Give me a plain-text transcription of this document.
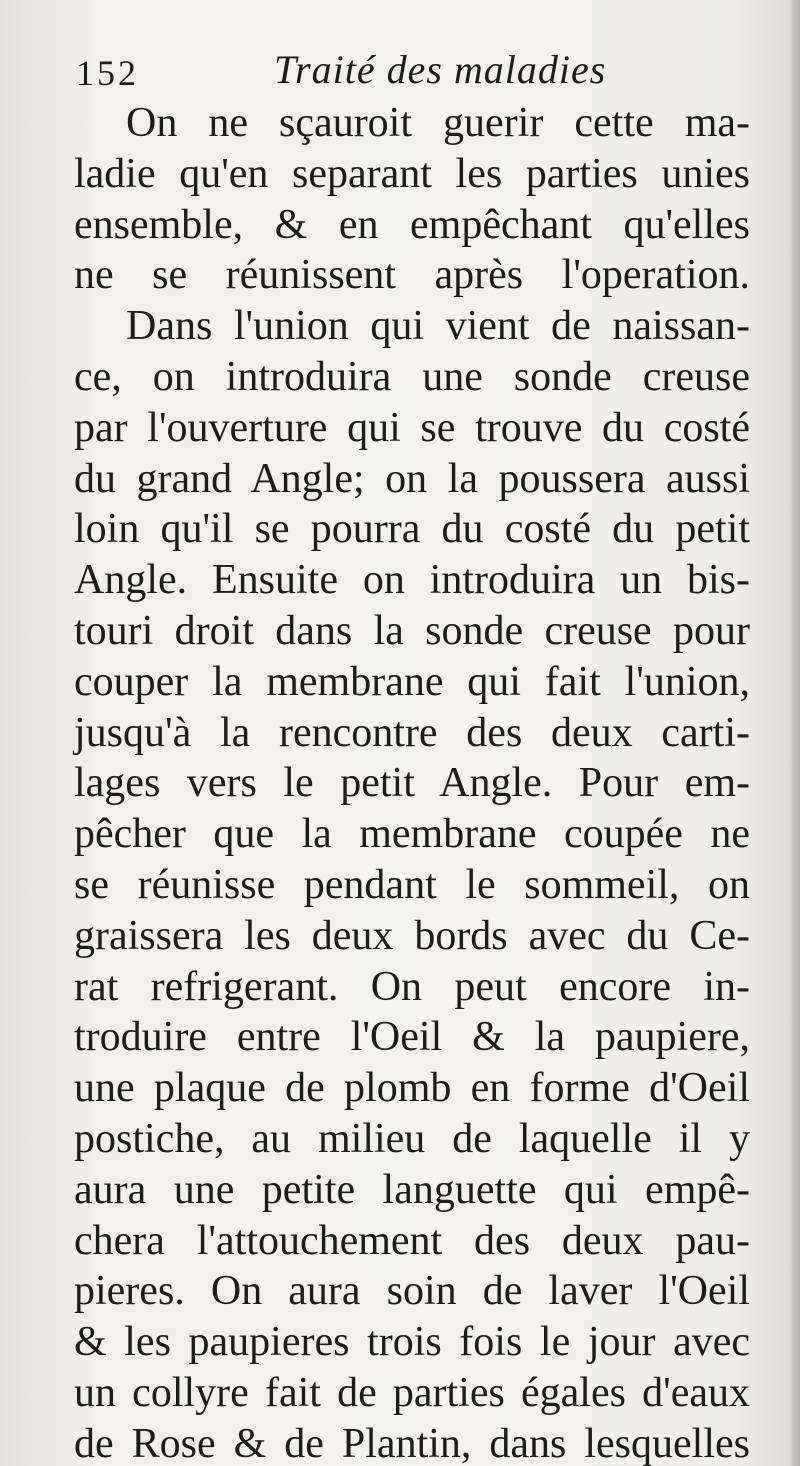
152	Traité des maladies
On ne sçauroit guerir cette ma-
ladie qu'en separant les parties unies
ensemble, & en empêchant qu'elles
ne se réunissent après l'operation.
Dans l'union qui vient de naissan-
ce, on introduira une sonde creuse
par l'ouverture qui se trouve du costé
du grand Angle; on la poussera aussi
loin qu'il se pourra du costé du petit
Angle. Ensuite on introduira un bis-
touri droit dans la sonde creuse pour
couper la membrane qui fait l'union,
jusqu'à la rencontre des deux carti-
lages vers le petit Angle. Pour em-
pêcher que la membrane coupée ne
se réunisse pendant le sommeil, on
graissera les deux bords avec du Ce-
rat refrigerant. On peut encore in-
troduire entre l'Oeil & la paupiere,
une plaque de plomb en forme d'Oeil
postiche, au milieu de laquelle il y
aura une petite languette qui empê-
chera l'attouchement des deux pau-
pieres. On aura soin de laver l'Oeil
& les paupieres trois fois le jour avec
un collyre fait de parties égales d'eaux
de Rose & de Plantin, dans lesquelles
